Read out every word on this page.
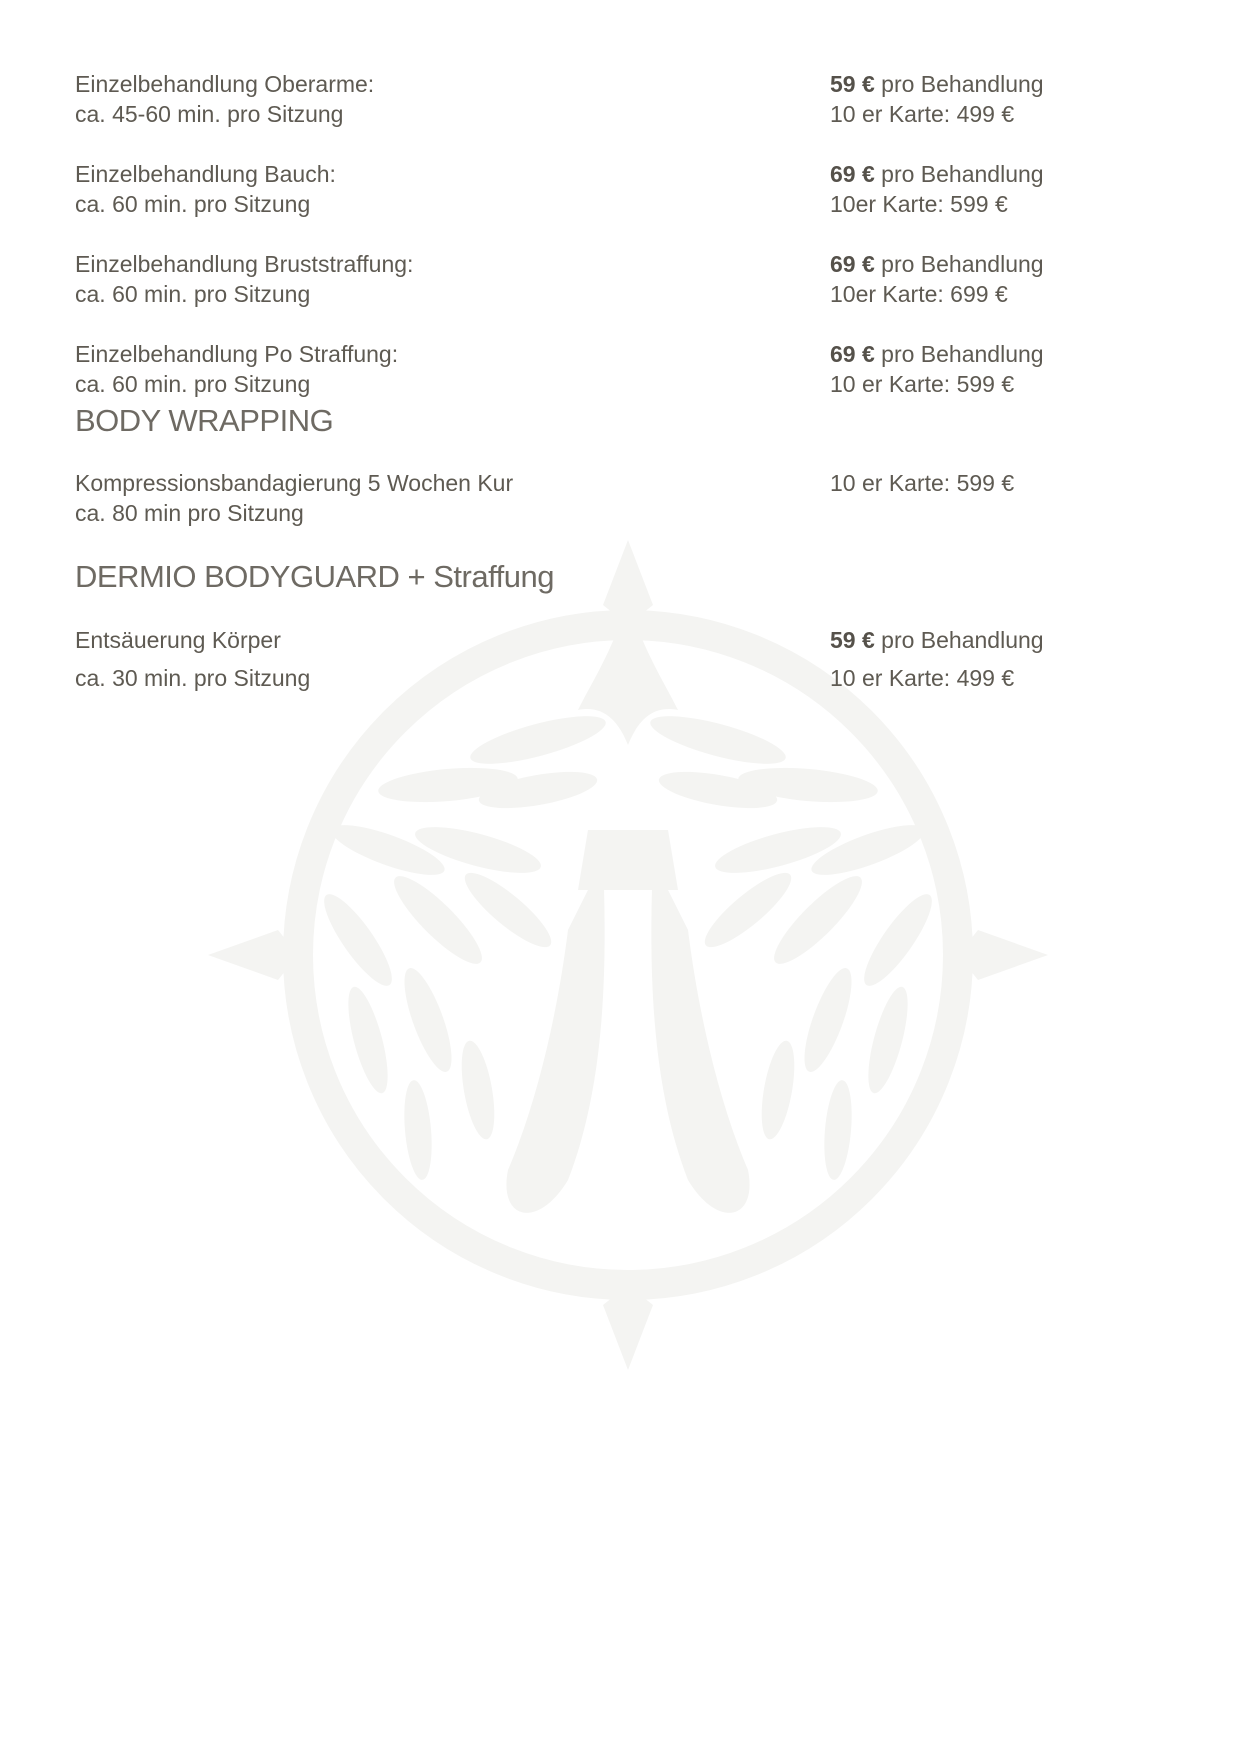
Einzelbehandlung Oberarme:	59 € pro Behandlung
ca. 45-60 min. pro Sitzung	10 er Karte: 499 €
Einzelbehandlung Bauch:	69 € pro Behandlung
ca. 60 min. pro Sitzung	10er Karte: 599 €
Einzelbehandlung Bruststraffung:	69 € pro Behandlung
ca. 60 min. pro Sitzung	10er Karte: 699 €
Einzelbehandlung Po Straffung:	69 € pro Behandlung
ca. 60 min. pro Sitzung	10 er Karte: 599 €
BODY WRAPPING
Kompressionsbandagierung 5 Wochen Kur	10 er Karte: 599 €
ca. 80 min pro Sitzung
DERMIO BODYGUARD + Straffung
Entsäuerung Körper	59 € pro Behandlung
ca. 30 min. pro Sitzung	10 er Karte: 499 €
